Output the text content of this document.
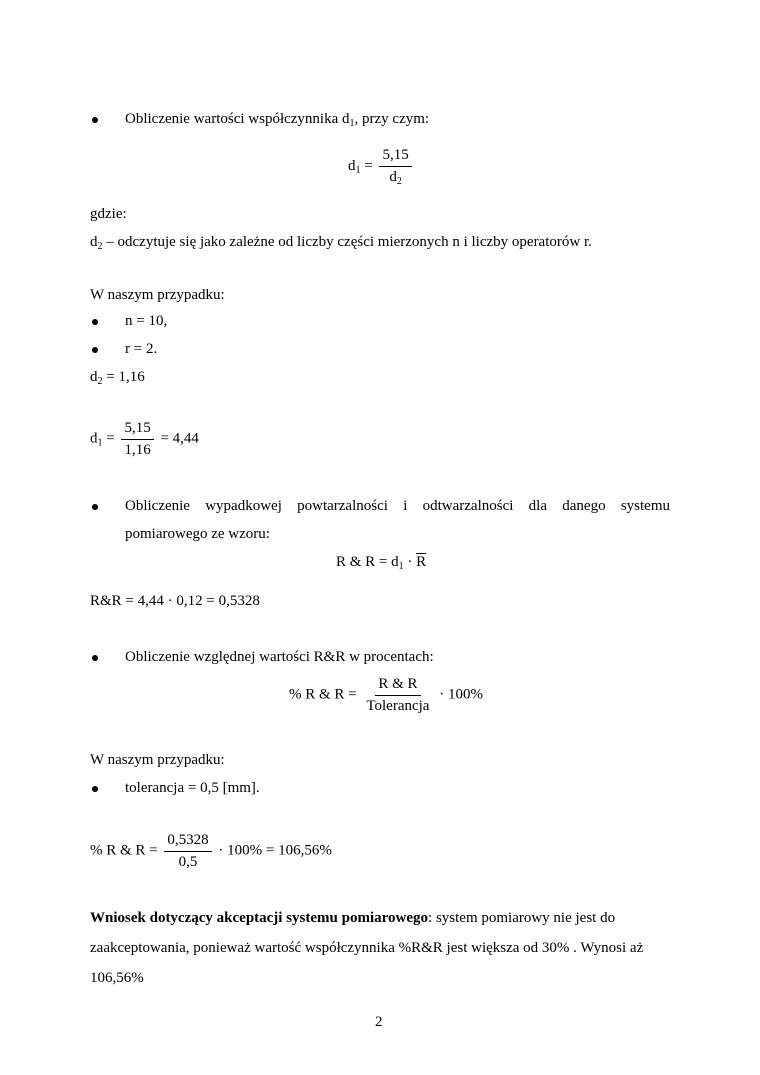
Obliczenie wartości współczynnika $d_1$, przy czym:
$d_1 = \frac{5,15}{d_2}$
gdzie:
$d_2$ – odczytuje się jako zależne od liczby części mierzonych n i liczby operatorów r.
W naszym przypadku:
n = 10,
r = 2.
$d_2 = 1,16$
$d_1 = \frac{5,15}{1,16} = 4,44$
Obliczenie wypadkowej powtarzalności i odtwarzalności dla danego systemu
pomiarowego ze wzoru:
R & $R = d_1 \cdot \overline{R}$
R&R = 4,44 · 0,12 = 0,5328
Obliczenie względnej wartości R&R w procentach:
% R & $R = \frac{R \& R}{\text{Tolerancja}} \cdot 100\%$
W naszym przypadku:
tolerancja = 0,5 [mm].
% R & $R = \frac{0,5328}{0,5} \cdot 100\% = 106,56\%$
Wniosek dotyczący akceptacji systemu pomiarowego: system pomiarowy nie jest do zaakceptowania, ponieważ wartość współczynnika %R&R jest większa od 30% . Wynosi aż 106,56%
2
